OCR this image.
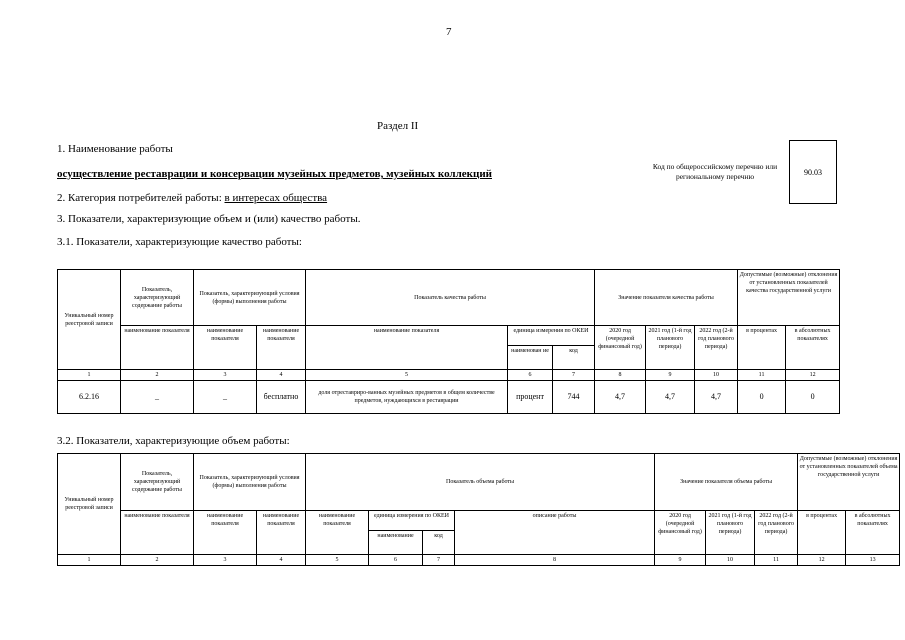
7
Раздел II
1. Наименование работы
осуществление реставрации и консервации музейных предметов, музейных коллекций
2. Категория потребителей работы: в интересах общества
3. Показатели, характеризующие объем и (или) качество работы.
3.1. Показатели, характеризующие качество работы:
Код по общероссийскому перечню или региональному перечню	90.03
Уникальный номер реестровой записи	Показатель, характеризующий содержание работы	Показатель, характеризующий условия (формы) выполнения работы		Показатель качества работы			Значение показателя качества работы			Допустимые (возможные) отклонения от установленных показателей качества государственной услуги	
	наименование показателя	наименование показателя	наименование показателя	наименование показателя	единица измерения по ОКЕИ		2020 год (очередной финансовый год)	2021 год (1-й год планового периода)	2022 год (2-й год планового периода)	в процентах	в абсолютных показателях
					наименован ие	код					
1	2	3	4	5	6	7	8	9	10	11	12
6.2.16	_	_	бесплатно	доля отреставриро-ванных музейных предметов в общем количестве предметов, нуждающихся в реставрации	процент	744	4,7	4,7	4,7	0	0
3.2. Показатели, характеризующие объем работы:
Уникальный номер реестровой записи	Показатель, характеризующий содержание работы	Показатель, характеризующий условия (формы) выполнения работы		Показатель объема работы				Значение показателя объема работы			Допустимые (возможные) отклонения от установленных показателей объема государственной услуги	
	наименование показателя	наименование показателя	наименование показателя	наименование показателя	единица измерения по ОКЕИ		описание работы	2020 год (очередной финансовый год)	2021 год (1-й год планового периода)	2022 год (2-й год планового периода)	в процентах	в абсолютных показателях
					наименование	код						
1	2	3	4	5	6	7	8	9	10	11	12	13
